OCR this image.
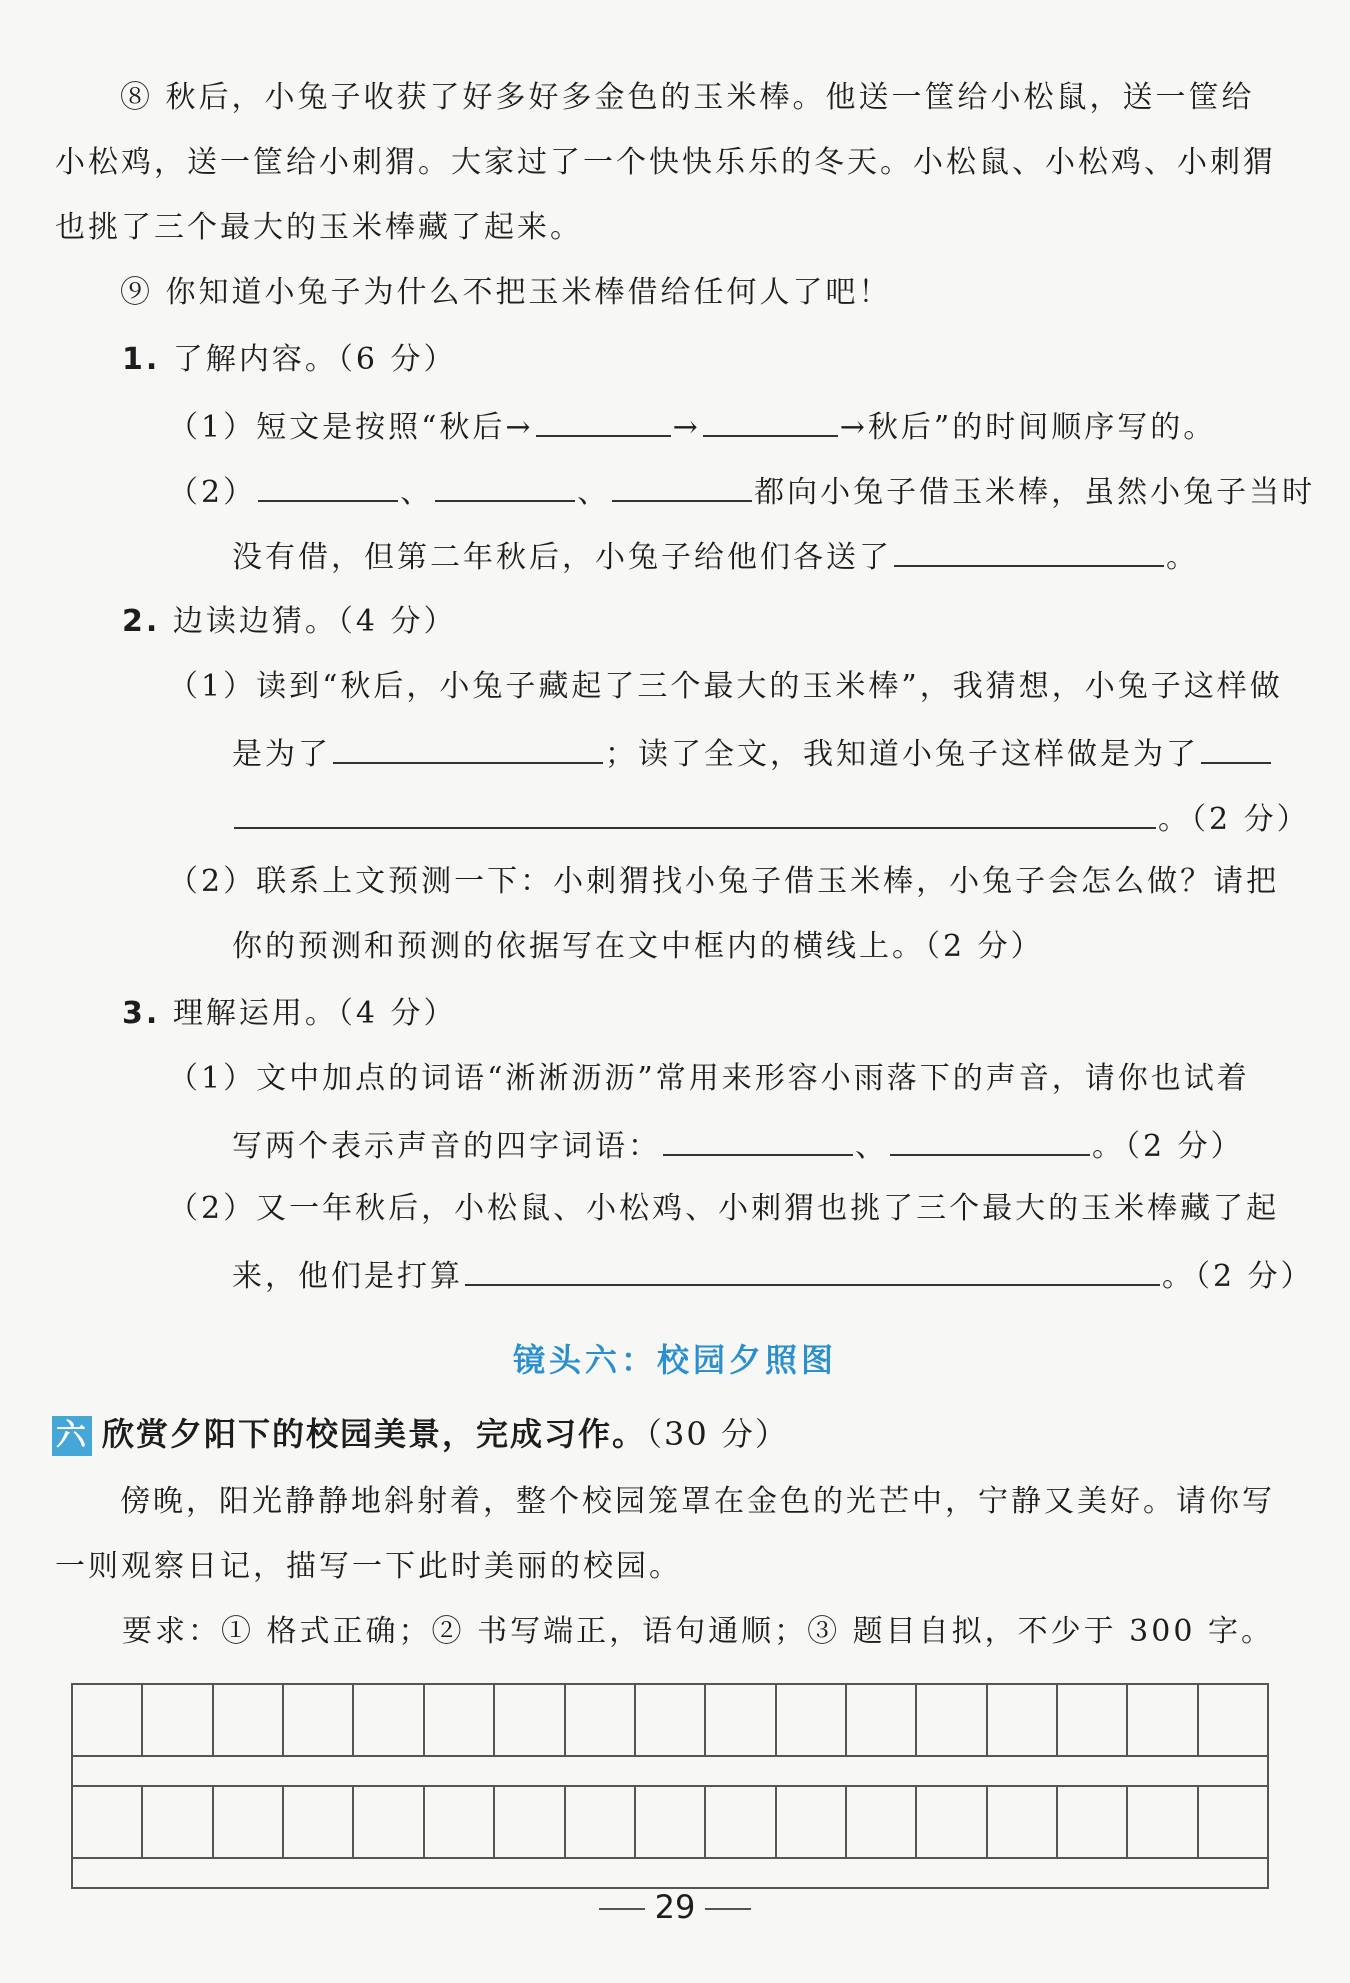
⑧ 秋后，小兔子收获了好多好多金色的玉米棒。他送一筐给小松鼠，送一筐给
小松鸡，送一筐给小刺猬。大家过了一个快快乐乐的冬天。小松鼠、小松鸡、小刺猬
也挑了三个最大的玉米棒藏了起来。
⑨ 你知道小兔子为什么不把玉米棒借给任何人了吧！
1. 了解内容。（6 分）
（1）短文是按照“秋后→	→	→秋后”的时间顺序写的。
（2）	、	、	都向小兔子借玉米棒，虽然小兔子当时
没有借，但第二年秋后，小兔子给他们各送了	。
2. 边读边猜。（4 分）
（1）读到“秋后，小兔子藏起了三个最大的玉米棒”，我猜想，小兔子这样做
是为了	；读了全文，我知道小兔子这样做是为了
。（2 分）
（2）联系上文预测一下：小刺猬找小兔子借玉米棒，小兔子会怎么做？请把
你的预测和预测的依据写在文中框内的横线上。（2 分）
3. 理解运用。（4 分）
（1）文中加点的词语“淅淅沥沥”常用来形容小雨落下的声音，请你也试着
写两个表示声音的四字词语：	、	。（2 分）
（2）又一年秋后，小松鼠、小松鸡、小刺猬也挑了三个最大的玉米棒藏了起
来，他们是打算	。（2 分）
镜头六：校园夕照图
六 欣赏夕阳下的校园美景，完成习作。（30 分）
傍晚，阳光静静地斜射着，整个校园笼罩在金色的光芒中，宁静又美好。请你写
一则观察日记，描写一下此时美丽的校园。
要求：① 格式正确；② 书写端正，语句通顺；③ 题目自拟，不少于 300 字。
29
